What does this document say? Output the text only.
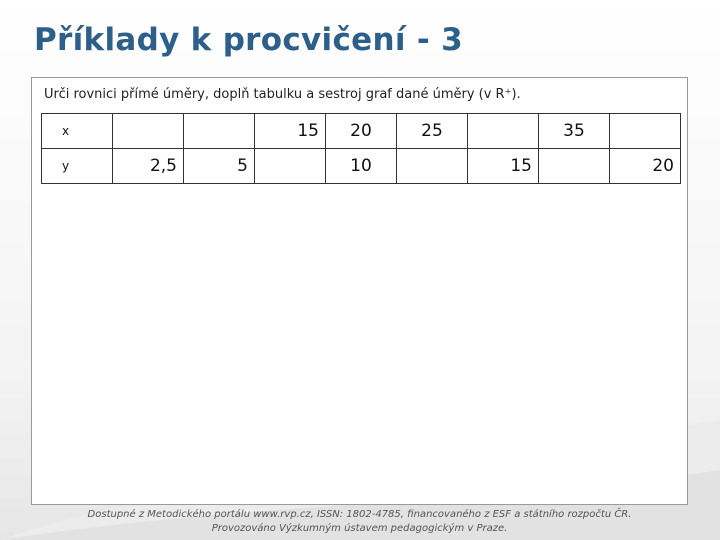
Příklady k procvičení - 3
Urči rovnici přímé úměry, doplň tabulku a sestroj graf dané úměry (v R⁺).
x			15	20	25		35	
y	2,5	5		10		15		20
Dostupné z Metodického portálu www.rvp.cz, ISSN: 1802-4785, financovaného z ESF a státního rozpočtu ČR.
Provozováno Výzkumným ústavem pedagogickým v Praze.
